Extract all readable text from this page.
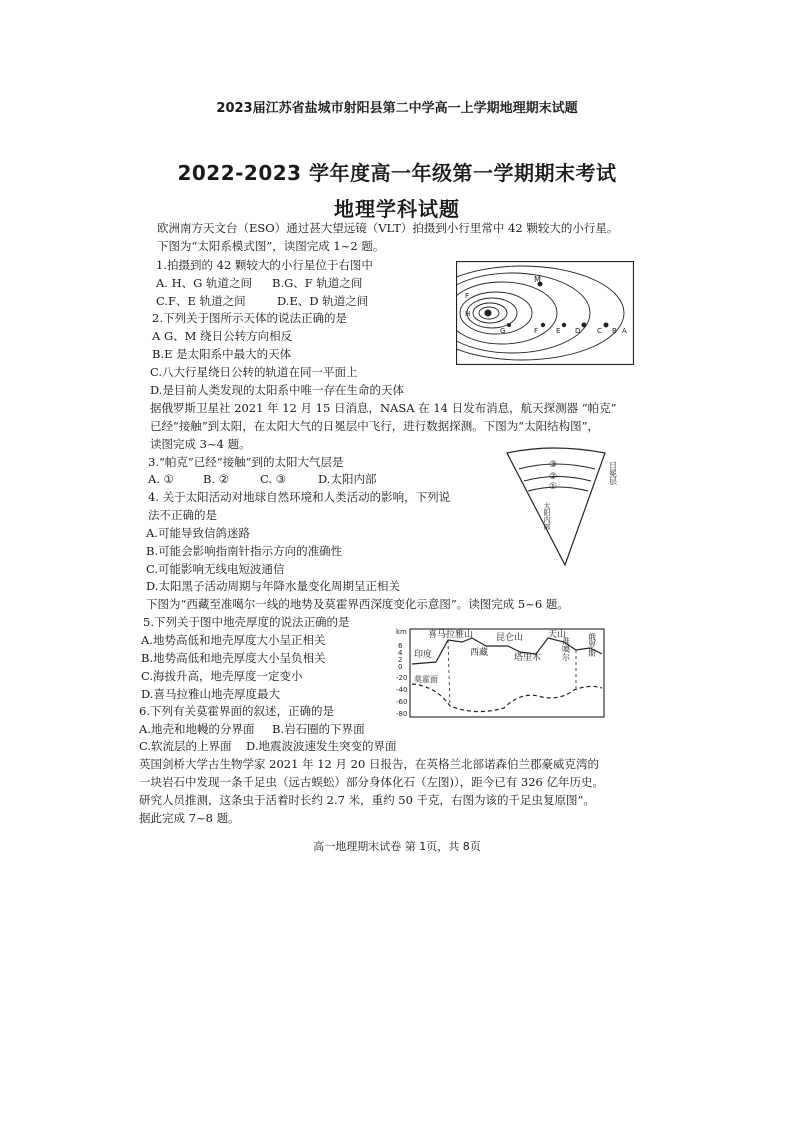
2023届江苏省盐城市射阳县第二中学高一上学期地理期末试题
2022-2023 学年度高一年级第一学期期末考试
地理学科试题
欧洲南方天文台（ESO）通过甚大望远镜（VLT）拍摄到小行里常中 42 颗较大的小行星。
下图为“太阳系模式图”，读图完成 1~2 题。
1.拍摄到的 42 颗较大的小行星位于右图中
A. H、G 轨道之间 B.G、F 轨道之间
C.F、E 轨道之间	D.E、D 轨道之间
2.下列关于图所示天体的说法正确的是
A G、M 绕日公转方向相反
B.E 是太阳系中最大的天体
C.八大行星绕日公转的轨道在同一平面上
D.是目前人类发现的太阳系中唯一存在生命的天体
M
F
H
G	F	E D C B A
据俄罗斯卫星社 2021 年 12 月 15 日消息，NASA 在 14 日发布消息，航天探测器 “帕克”
已经“接触”到太阳，在太阳大气的日冕层中飞行，进行数据探测。下图为“太阳结构图”，
读图完成 3~4 题。
3.“帕克”已经“接触”到的太阳大气层是
A. ①	B. ②	C. ③	D.太阳内部
4. 关于太阳活动对地球自然环境和人类活动的影响，下列说
法不正确的是
A.可能导致信鸽迷路
B.可能会影响指南针指示方向的准确性
C.可能影响无线电短波通信
D.太阳黑子活动周期与年降水量变化周期呈正相关
③
②
①
太阳内部
日冕层
下图为“西藏至准噶尔一线的地势及莫霍界西深度变化示意图”。读图完成 5~6 题。
5.下列关于图中地壳厚度的说法正确的是
A.地势高低和地壳厚度大小呈正相关
B.地势高低和地壳厚度大小呈负相关
C.海拔升高，地壳厚度一定变小
D.喜马拉雅山地壳厚度最大
6.下列有关莫霍界面的叙述，正确的是
A.地壳和地幔的分界面 B.岩石圈的下界面
C.软流层的上界面 D.地震波波速发生突变的界面
km
6
4
2
0
-20
-40
-60
-80
喜马拉雅山	昆仑山	天山
准噶尔
印度	西藏	塔里木
俄罗斯
莫霍面
英国剑桥大学古生物学家 2021 年 12 月 20 日报告，在英格兰北部诺森伯兰郡豪威克湾的
一块岩石中发现一条千足虫（远古蜈蚣）部分身体化石（左图)），距今已有 326 亿年历史。
研究人员推测，这条虫于活着时长约 2.7 米，重约 50 千克，右图为该的千足虫复原图”。
据此完成 7~8 题。
高一地理期末试卷 第 1页，共 8页
